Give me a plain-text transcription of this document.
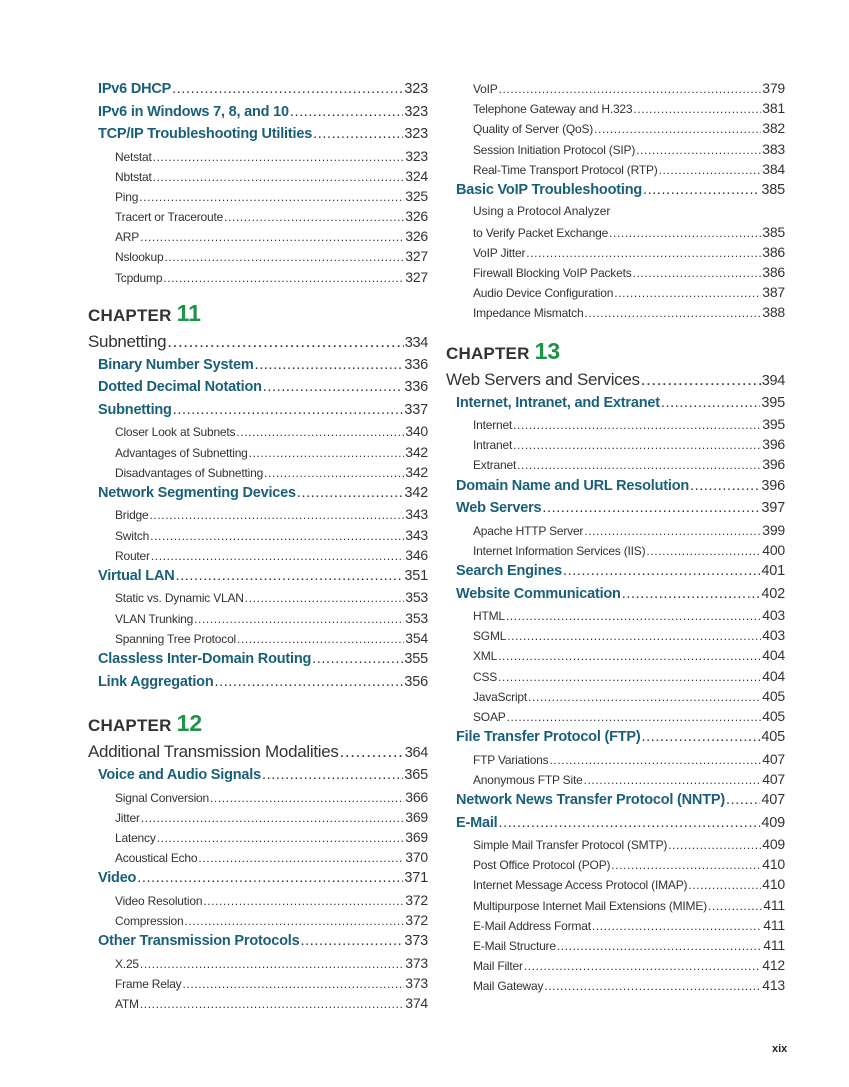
IPv6 DHCP .....	323
IPv6 in Windows 7, 8, and 10 .....	323
TCP/IP Troubleshooting Utilities .....	323
Netstat .....	323
Nbtstat .....	324
Ping .....	325
Tracert or Traceroute .....	326
ARP .....	326
Nslookup .....	327
Tcpdump .....	327
CHAPTER 11
Subnetting .....	334
Binary Number System .....	336
Dotted Decimal Notation .....	336
Subnetting .....	337
Closer Look at Subnets .....	340
Advantages of Subnetting .....	342
Disadvantages of Subnetting .....	342
Network Segmenting Devices .....	342
Bridge .....	343
Switch .....	343
Router .....	346
Virtual LAN .....	351
Static vs. Dynamic VLAN .....	353
VLAN Trunking .....	353
Spanning Tree Protocol .....	354
Classless Inter-Domain Routing .....	355
Link Aggregation .....	356
CHAPTER 12
Additional Transmission Modalities .....	364
Voice and Audio Signals .....	365
Signal Conversion .....	366
Jitter .....	369
Latency .....	369
Acoustical Echo .....	370
Video .....	371
Video Resolution .....	372
Compression .....	372
Other Transmission Protocols .....	373
X.25 .....	373
Frame Relay .....	373
ATM .....	374
VoIP .....	379
Telephone Gateway and H.323 .....	381
Quality of Server (QoS) .....	382
Session Initiation Protocol (SIP) .....	383
Real-Time Transport Protocol (RTP) .....	384
Basic VoIP Troubleshooting .....	385
Using a Protocol Analyzer
to Verify Packet Exchange .....	385
VoIP Jitter .....	386
Firewall Blocking VoIP Packets .....	386
Audio Device Configuration .....	387
Impedance Mismatch .....	388
CHAPTER 13
Web Servers and Services .....	394
Internet, Intranet, and Extranet .....	395
Internet .....	395
Intranet .....	396
Extranet .....	396
Domain Name and URL Resolution .....	396
Web Servers .....	397
Apache HTTP Server .....	399
Internet Information Services (IIS) .....	400
Search Engines .....	401
Website Communication .....	402
HTML .....	403
SGML .....	403
XML .....	404
CSS .....	404
JavaScript .....	405
SOAP .....	405
File Transfer Protocol (FTP) .....	405
FTP Variations .....	407
Anonymous FTP Site .....	407
Network News Transfer Protocol (NNTP) .....	407
E-Mail .....	409
Simple Mail Transfer Protocol (SMTP) .....	409
Post Office Protocol (POP) .....	410
Internet Message Access Protocol (IMAP) .....	410
Multipurpose Internet Mail Extensions (MIME) .....	411
E-Mail Address Format .....	411
E-Mail Structure .....	411
Mail Filter .....	412
Mail Gateway .....	413
xix
